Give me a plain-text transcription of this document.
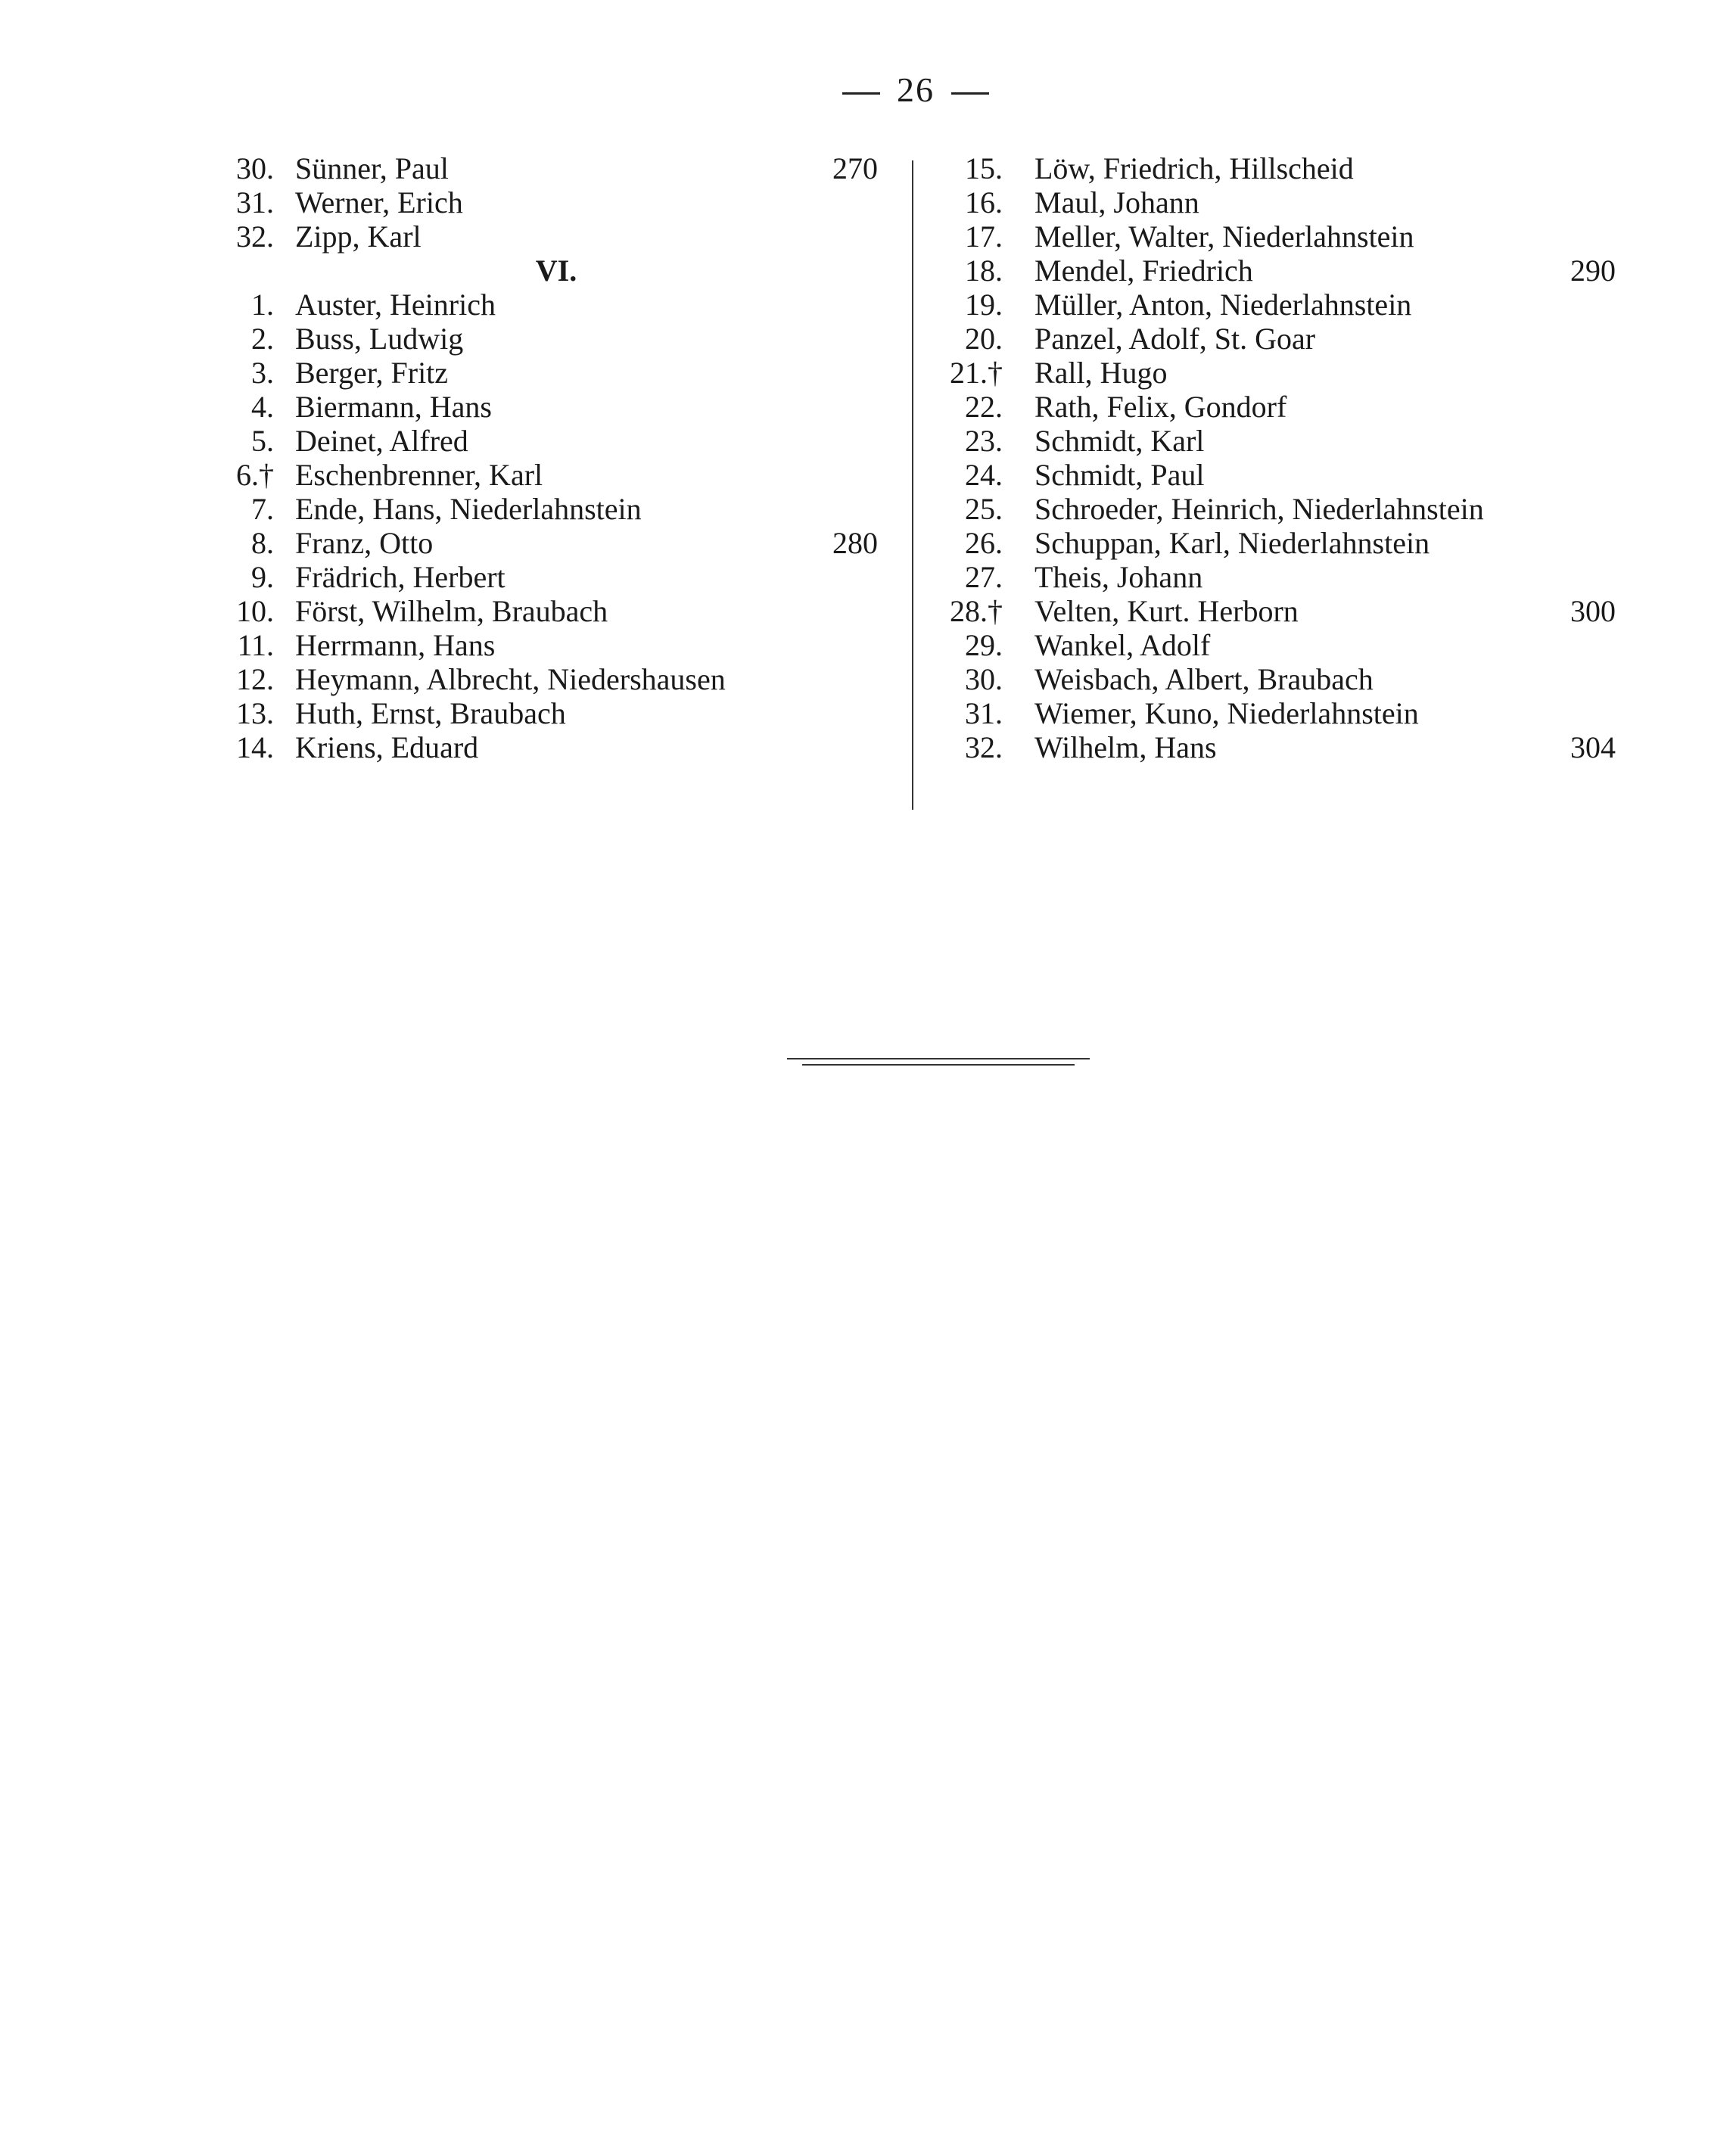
26
30. Sünner, Paul	270
31. Werner, Erich
32. Zipp, Karl
VI.
1. Auster, Heinrich
2. Buss, Ludwig
3. Berger, Fritz
4. Biermann, Hans
5. Deinet, Alfred
6.† Eschenbrenner, Karl
7. Ende, Hans, Niederlahnstein
8. Franz, Otto	280
9. Frädrich, Herbert
10. Först, Wilhelm, Braubach
11. Herrmann, Hans
12. Heymann, Albrecht, Niedershausen
13. Huth, Ernst, Braubach
14. Kriens, Eduard
15. Löw, Friedrich, Hillscheid
16. Maul, Johann
17. Meller, Walter, Niederlahnstein
18. Mendel, Friedrich	290
19. Müller, Anton, Niederlahnstein
20. Panzel, Adolf, St. Goar
21.† Rall, Hugo
22. Rath, Felix, Gondorf
23. Schmidt, Karl
24. Schmidt, Paul
25. Schroeder, Heinrich, Niederlahnstein
26. Schuppan, Karl, Niederlahnstein
27. Theis, Johann
28.† Velten, Kurt. Herborn	300
29. Wankel, Adolf
30. Weisbach, Albert, Braubach
31. Wiemer, Kuno, Niederlahnstein
32. Wilhelm, Hans	304
